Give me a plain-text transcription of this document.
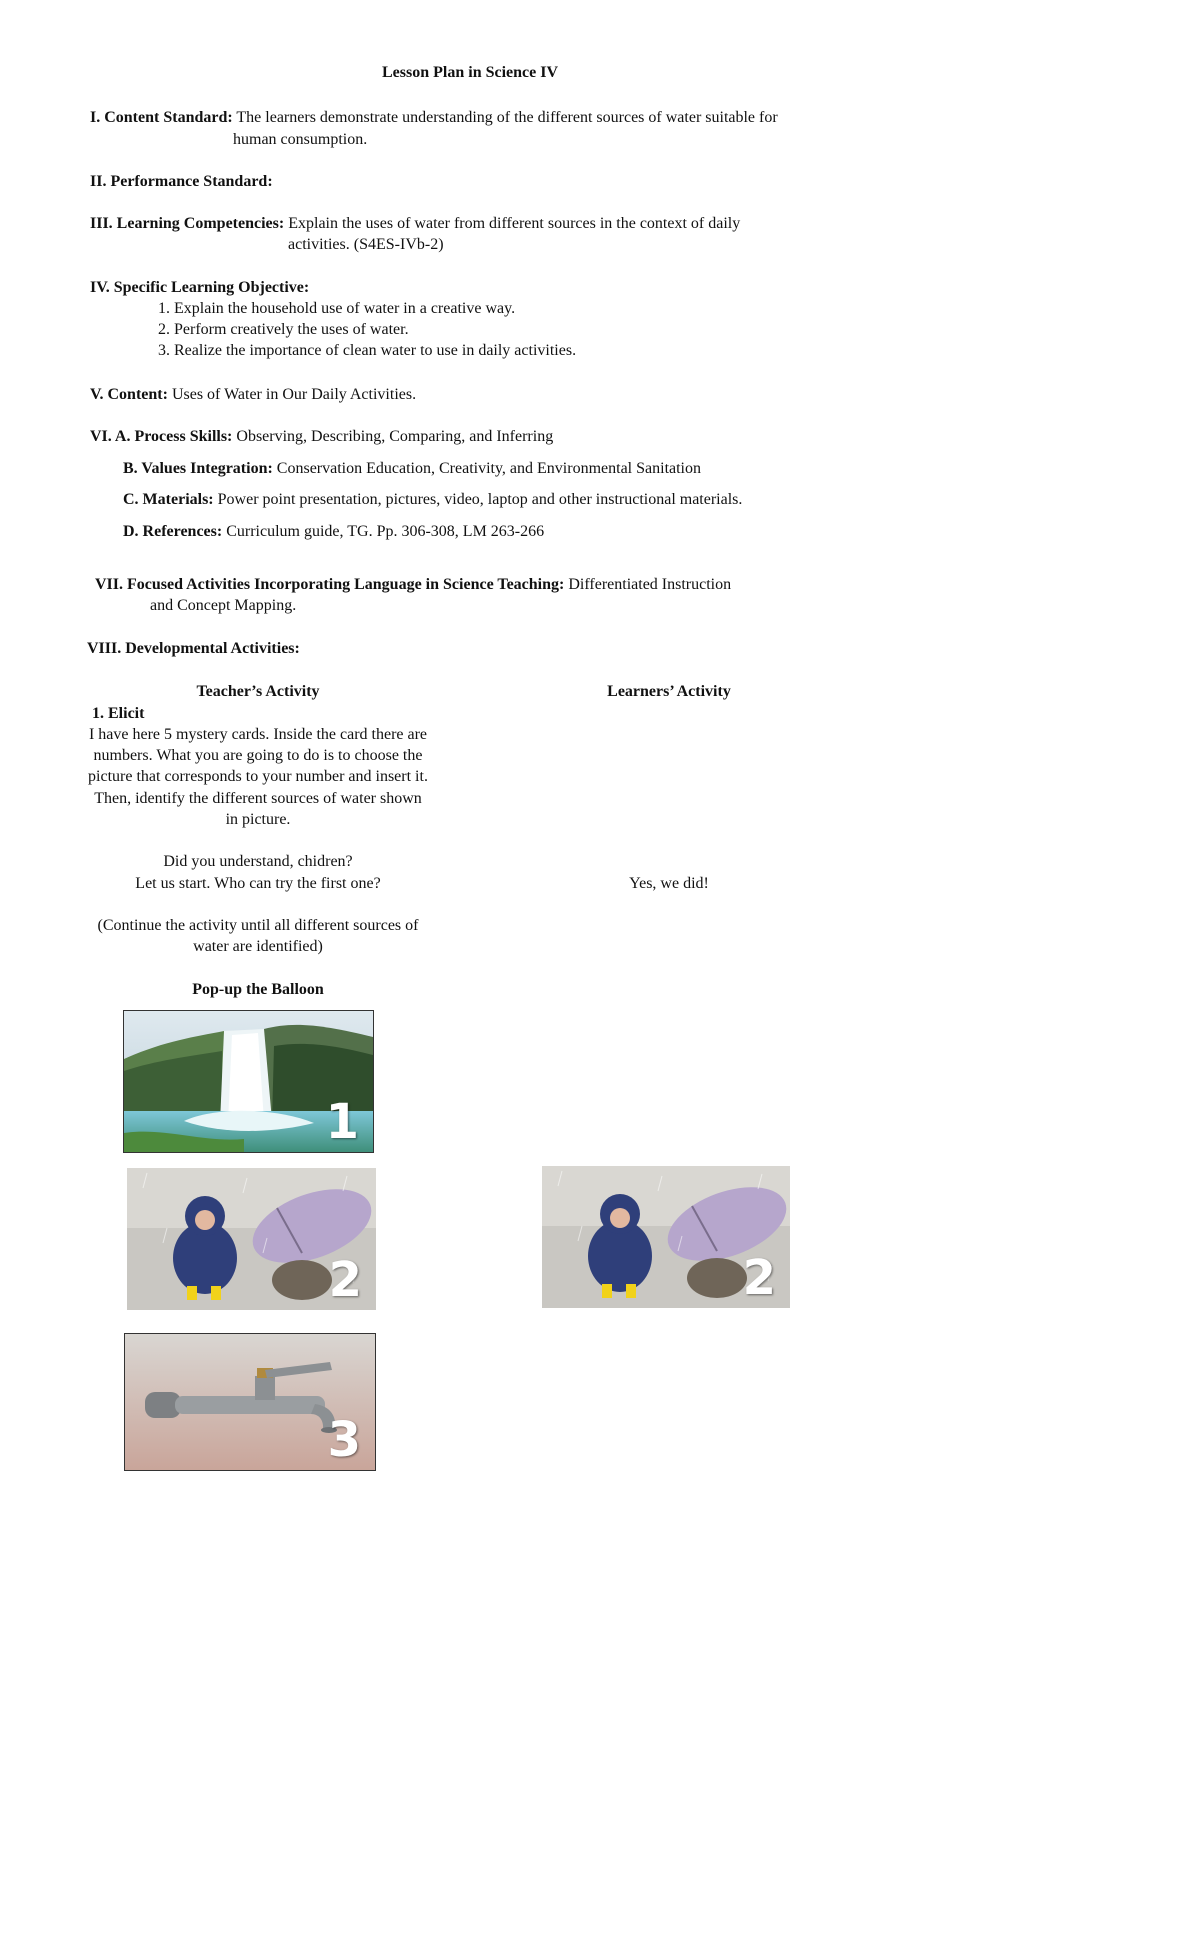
Lesson Plan in Science IV
I. Content Standard: The learners demonstrate understanding of the different sources of water suitable for
human consumption.
II. Performance Standard:
III. Learning Competencies: Explain the uses of water from different sources in the context of daily
activities. (S4ES-IVb-2)
IV. Specific Learning Objective:
1. Explain the household use of water in a creative way.
2. Perform creatively the uses of water.
3. Realize the importance of clean water to use in daily activities.
V. Content: Uses of Water in Our Daily Activities.
VI. A. Process Skills: Observing, Describing, Comparing, and Inferring
B. Values Integration: Conservation Education, Creativity, and Environmental Sanitation
C. Materials: Power point presentation, pictures, video, laptop and other instructional materials.
D. References: Curriculum guide, TG. Pp. 306-308, LM 263-266
VII. Focused Activities Incorporating Language in Science Teaching: Differentiated Instruction
and Concept Mapping.
VIII. Developmental Activities:
Teacher’s Activity	Learners’ Activity
1. Elicit
I have here 5 mystery cards. Inside the card there are
numbers. What you are going to do is to choose the
picture that corresponds to your number and insert it.
Then, identify the different sources of water shown
in picture.
Did you understand, chidren?
Let us start. Who can try the first one?	Yes, we did!
(Continue the activity until all different sources of
water are identified)
Pop-up the Balloon
1
2	2
3
